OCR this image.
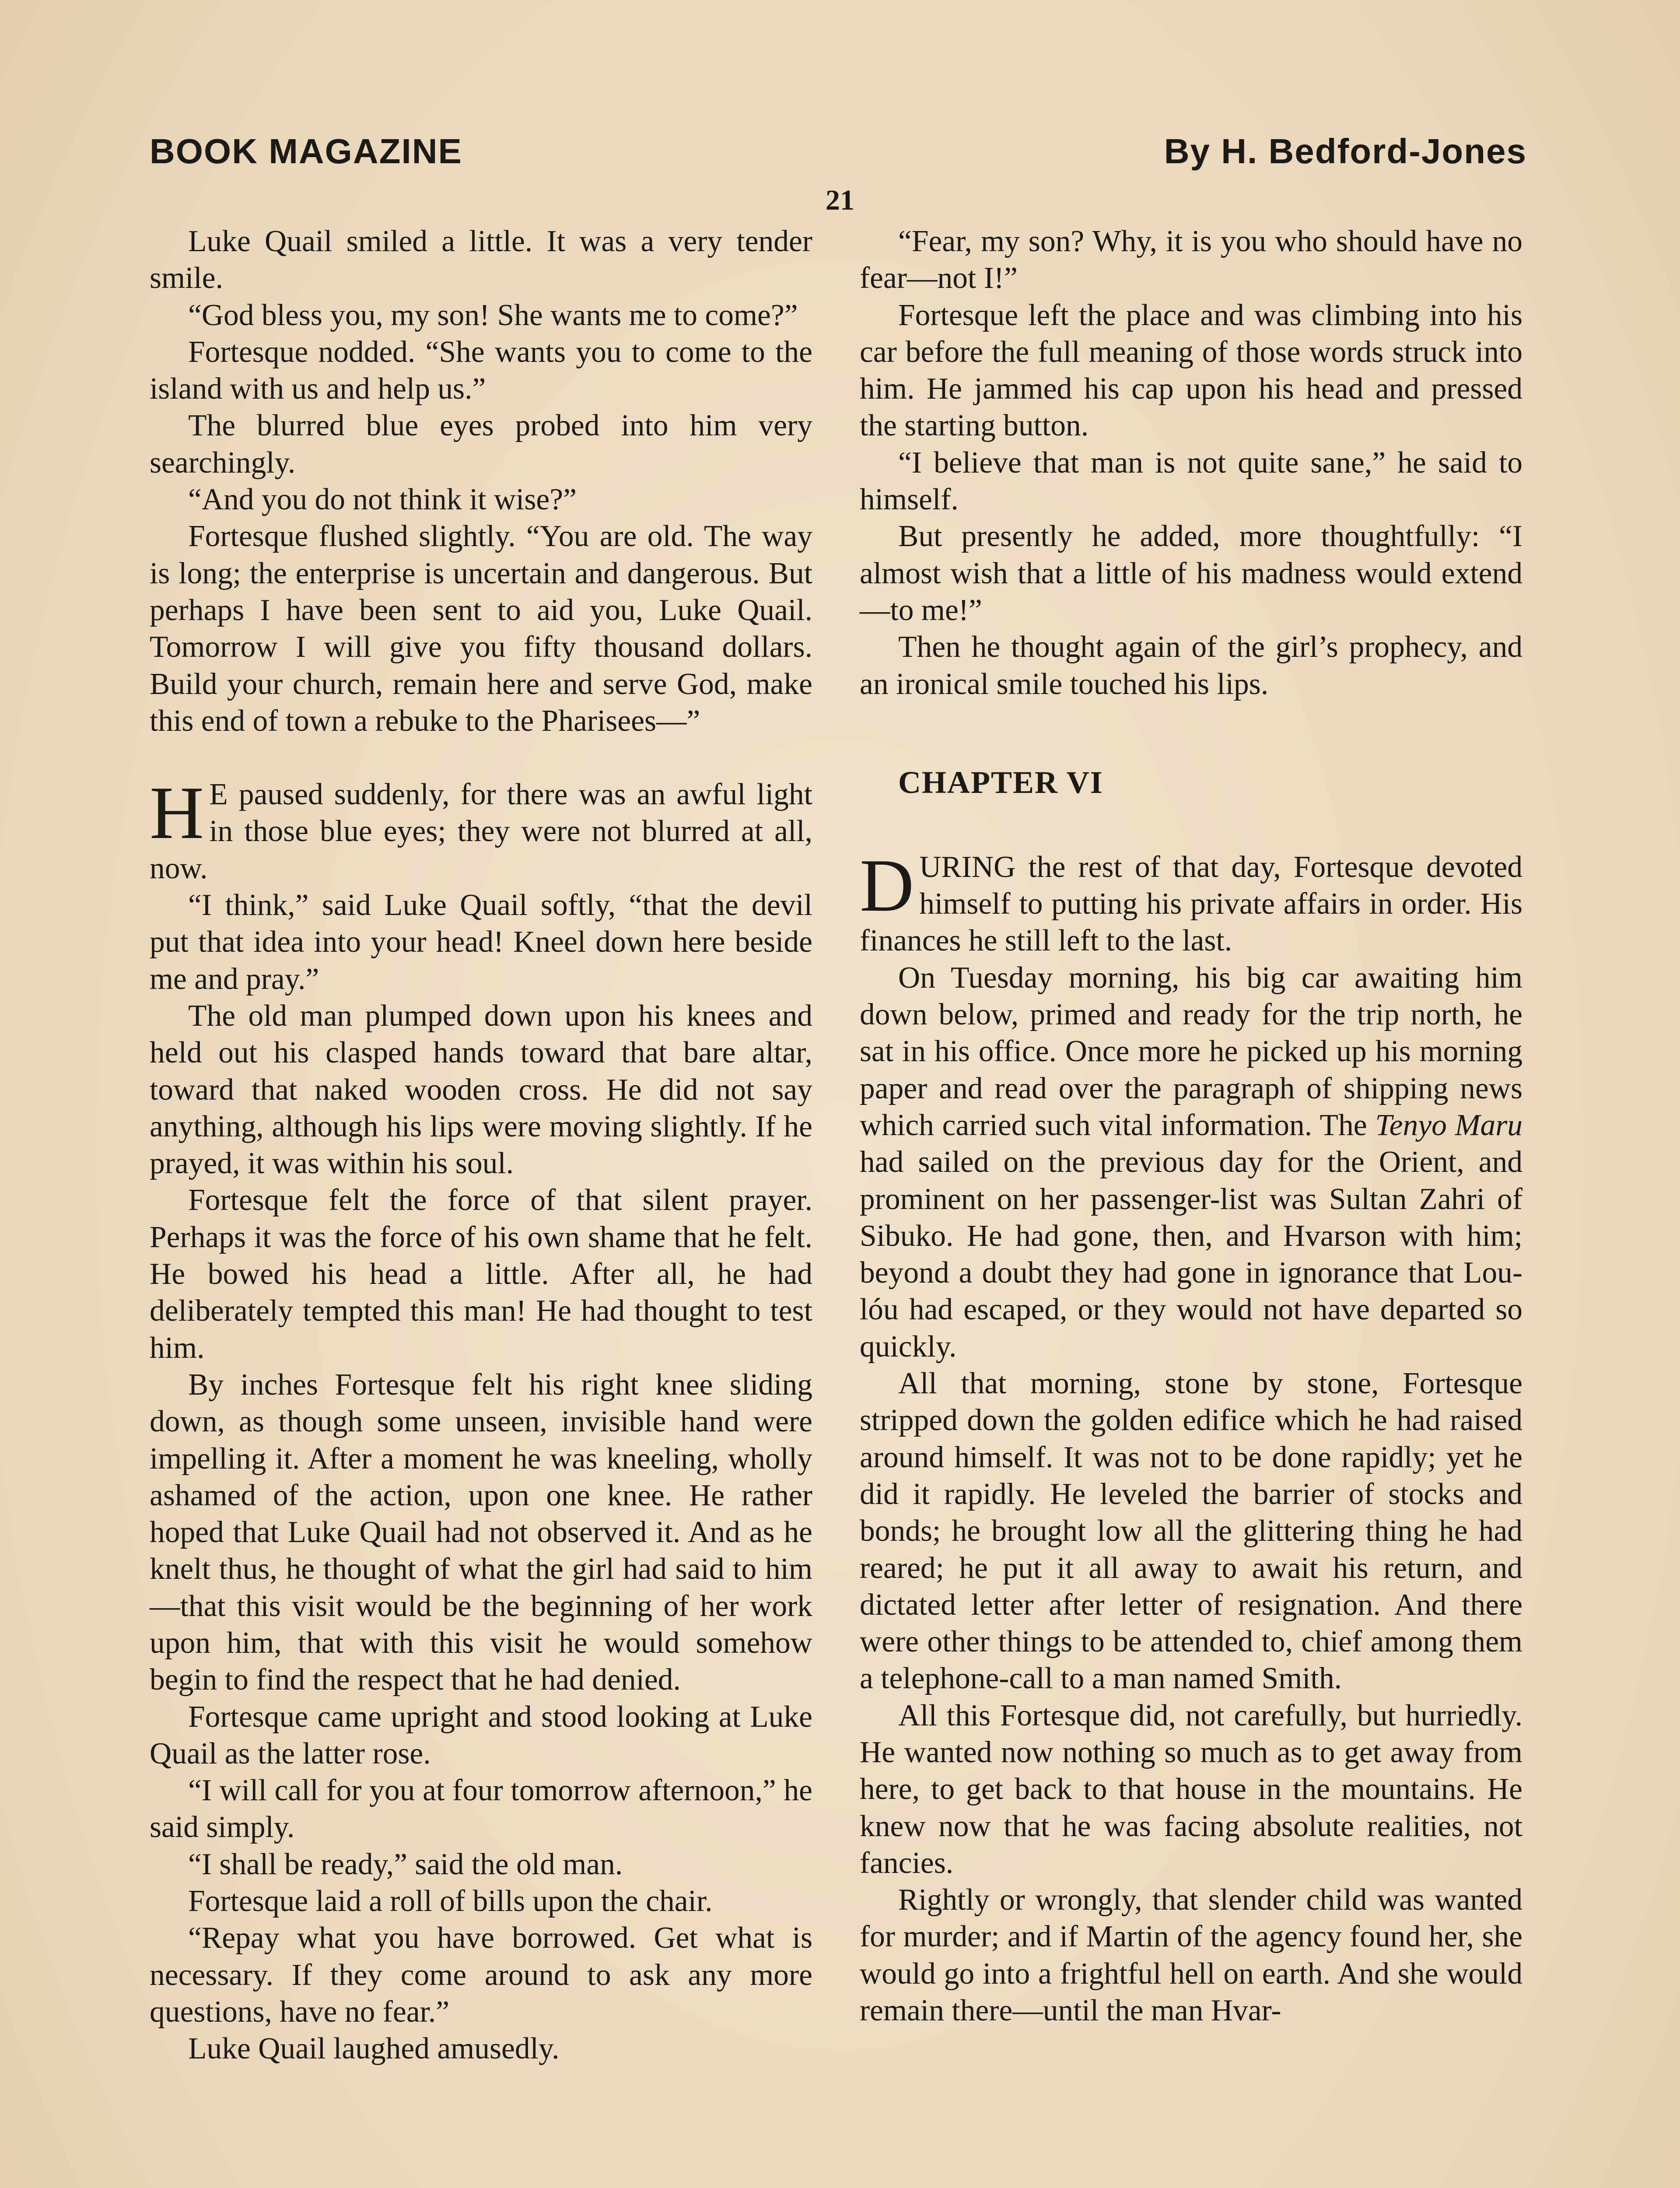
BOOK MAGAZINE	By H. Bedford-Jones
21

Luke Quail smiled a little. It was a very tender smile.

“God bless you, my son! She wants me to come?”

Fortesque nodded. “She wants you to come to the island with us and help us.”

The blurred blue eyes probed into him very searchingly.

“And you do not think it wise?”

Fortesque flushed slightly. “You are old. The way is long; the enterprise is uncertain and dangerous. But perhaps I have been sent to aid you, Luke Quail. Tomorrow I will give you fifty thousand dollars. Build your church, remain here and serve God, make this end of town a rebuke to the Pharisees—”

H E paused suddenly, for there was an awful light in those blue eyes; they were not blurred at all, now.

“I think,” said Luke Quail softly, “that the devil put that idea into your head! Kneel down here beside me and pray.”

The old man plumped down upon his knees and held out his clasped hands toward that bare altar, toward that naked wooden cross. He did not say anything, although his lips were moving slightly. If he prayed, it was within his soul.

Fortesque felt the force of that silent prayer. Perhaps it was the force of his own shame that he felt. He bowed his head a little. After all, he had deliberately tempted this man! He had thought to test him.

By inches Fortesque felt his right knee sliding down, as though some unseen, invisible hand were impelling it. After a moment he was kneeling, wholly ashamed of the action, upon one knee. He rather hoped that Luke Quail had not observed it. And as he knelt thus, he thought of what the girl had said to him—that this visit would be the beginning of her work upon him, that with this visit he would somehow begin to find the respect that he had denied.

Fortesque came upright and stood looking at Luke Quail as the latter rose.

“I will call for you at four tomorrow afternoon,” he said simply.

“I shall be ready,” said the old man.

Fortesque laid a roll of bills upon the chair.

“Repay what you have borrowed. Get what is necessary. If they come around to ask any more questions, have no fear.”

Luke Quail laughed amusedly.

“Fear, my son? Why, it is you who should have no fear—not I!”

Fortesque left the place and was climbing into his car before the full meaning of those words struck into him. He jammed his cap upon his head and pressed the starting button.

“I believe that man is not quite sane,” he said to himself.

But presently he added, more thoughtfully: “I almost wish that a little of his madness would extend—to me!”

Then he thought again of the girl’s prophecy, and an ironical smile touched his lips.

CHAPTER VI

DURING the rest of that day, Fortesque devoted himself to putting his private affairs in order. His finances he still left to the last.

On Tuesday morning, his big car awaiting him down below, primed and ready for the trip north, he sat in his office. Once more he picked up his morning paper and read over the paragraph of shipping news which carried such vital information. The Tenyo Maru had sailed on the previous day for the Orient, and prominent on her passenger-list was Sultan Zahri of Sibuko. He had gone, then, and Hvarson with him; beyond a doubt they had gone in ignorance that Lou-lóu had escaped, or they would not have departed so quickly.

All that morning, stone by stone, Fortesque stripped down the golden edifice which he had raised around himself. It was not to be done rapidly; yet he did it rapidly. He leveled the barrier of stocks and bonds; he brought low all the glittering thing he had reared; he put it all away to await his return, and dictated letter after letter of resignation. And there were other things to be attended to, chief among them a telephone-call to a man named Smith.

All this Fortesque did, not carefully, but hurriedly. He wanted now nothing so much as to get away from here, to get back to that house in the mountains. He knew now that he was facing absolute realities, not fancies.

Rightly or wrongly, that slender child was wanted for murder; and if Martin of the agency found her, she would go into a frightful hell on earth. And she would remain there—until the man Hvar-
